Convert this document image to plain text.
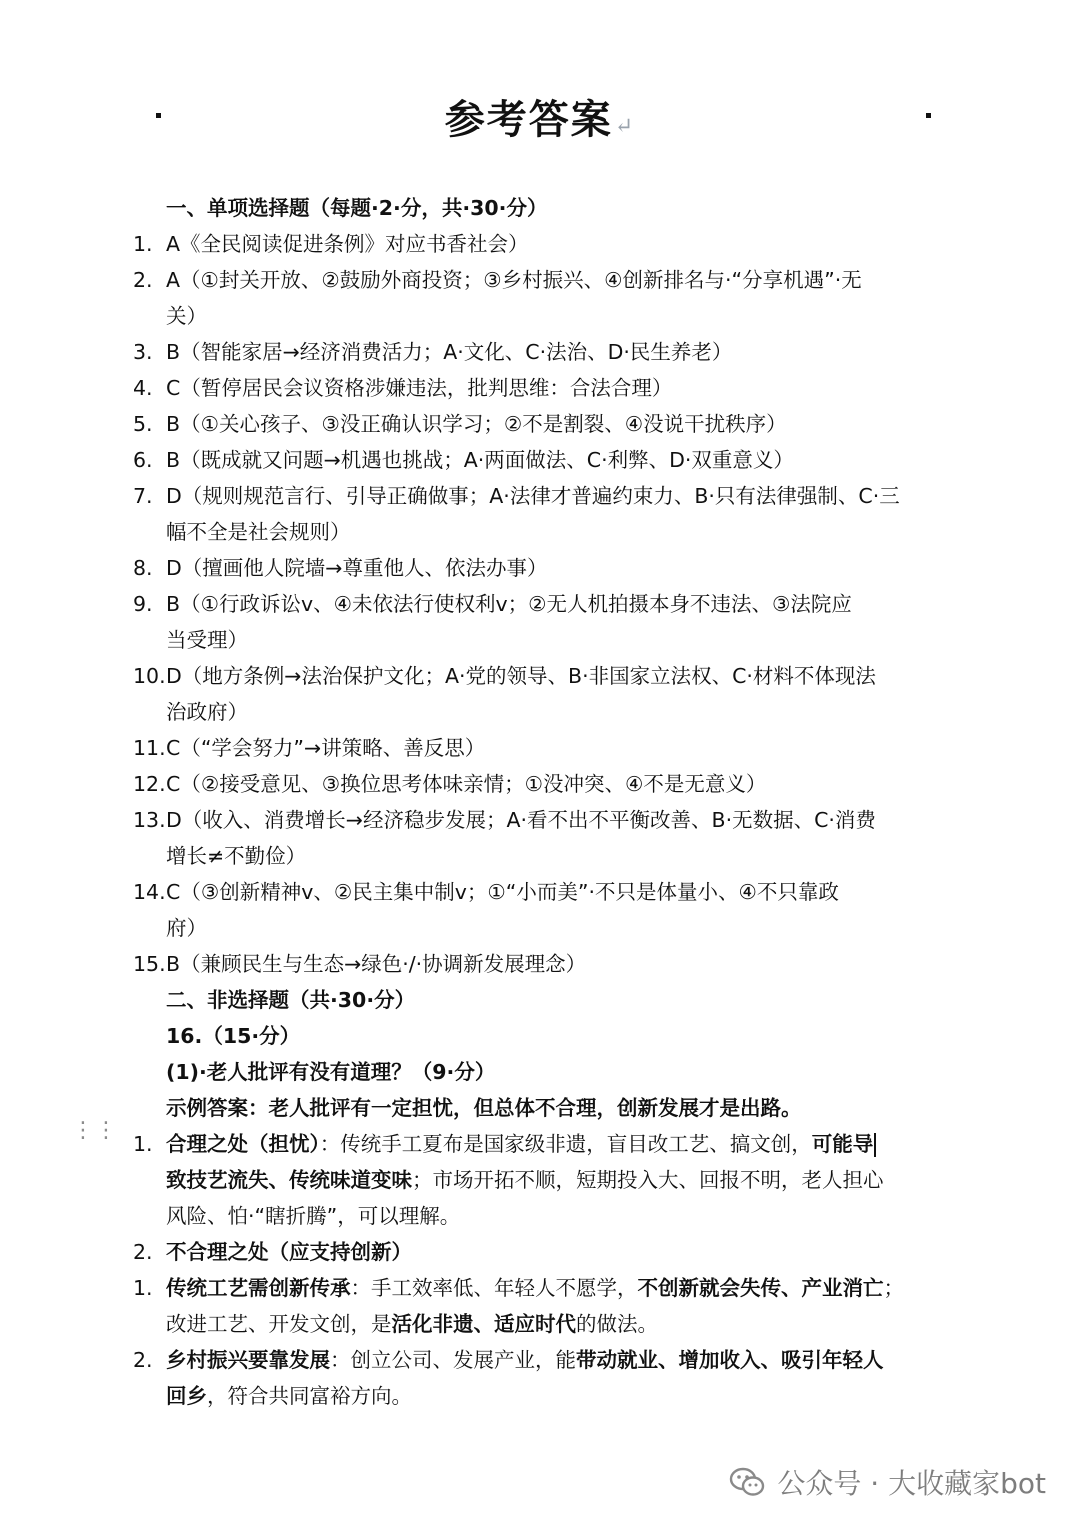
参考答案↵
一、单项选择题（每题·2·分，共·30·分）
1. A《全民阅读促进条例》对应书香社会）
2. A（①封关开放、②鼓励外商投资；③乡村振兴、④创新排名与·“分享机遇”·无
关）
3. B（智能家居→经济消费活力；A·文化、C·法治、D·民生养老）
4. C（暂停居民会议资格涉嫌违法，批判思维：合法合理）
5. B（①关心孩子、③没正确认识学习；②不是割裂、④没说干扰秩序）
6. B（既成就又问题→机遇也挑战；A·两面做法、C·利弊、D·双重意义）
7. D（规则规范言行、引导正确做事；A·法律才普遍约束力、B·只有法律强制、C·三
幅不全是社会规则）
8. D（擅画他人院墙→尊重他人、依法办事）
9. B（①行政诉讼v、④未依法行使权利v；②无人机拍摄本身不违法、③法院应
当受理）
10. D（地方条例→法治保护文化；A·党的领导、B·非国家立法权、C·材料不体现法
治政府）
11. C（“学会努力”→讲策略、善反思）
12. C（②接受意见、③换位思考体味亲情；①没冲突、④不是无意义）
13. D（收入、消费增长→经济稳步发展；A·看不出不平衡改善、B·无数据、C·消费
增长≠不勤俭）
14. C（③创新精神v、②民主集中制v；①“小而美”·不只是体量小、④不只靠政
府）
15. B（兼顾民生与生态→绿色·/·协调新发展理念）
二、非选择题（共·30·分）
16.（15·分）
(1)·老人批评有没有道理？（9·分）
示例答案：老人批评有一定担忧，但总体不合理，创新发展才是出路。
1. 合理之处（担忧）：传统手工夏布是国家级非遗，盲目改工艺、搞文创，可能导
致技艺流失、传统味道变味；市场开拓不顺，短期投入大、回报不明，老人担心
风险、怕·“瞎折腾”，可以理解。
2. 不合理之处（应支持创新）
1. 传统工艺需创新传承：手工效率低、年轻人不愿学，不创新就会失传、产业消亡；
改进工艺、开发文创，是活化非遗、适应时代的做法。
2. 乡村振兴要靠发展：创立公司、发展产业，能带动就业、增加收入、吸引年轻人
回乡，符合共同富裕方向。
⋮⋮
公众号 · 大收藏家bot
